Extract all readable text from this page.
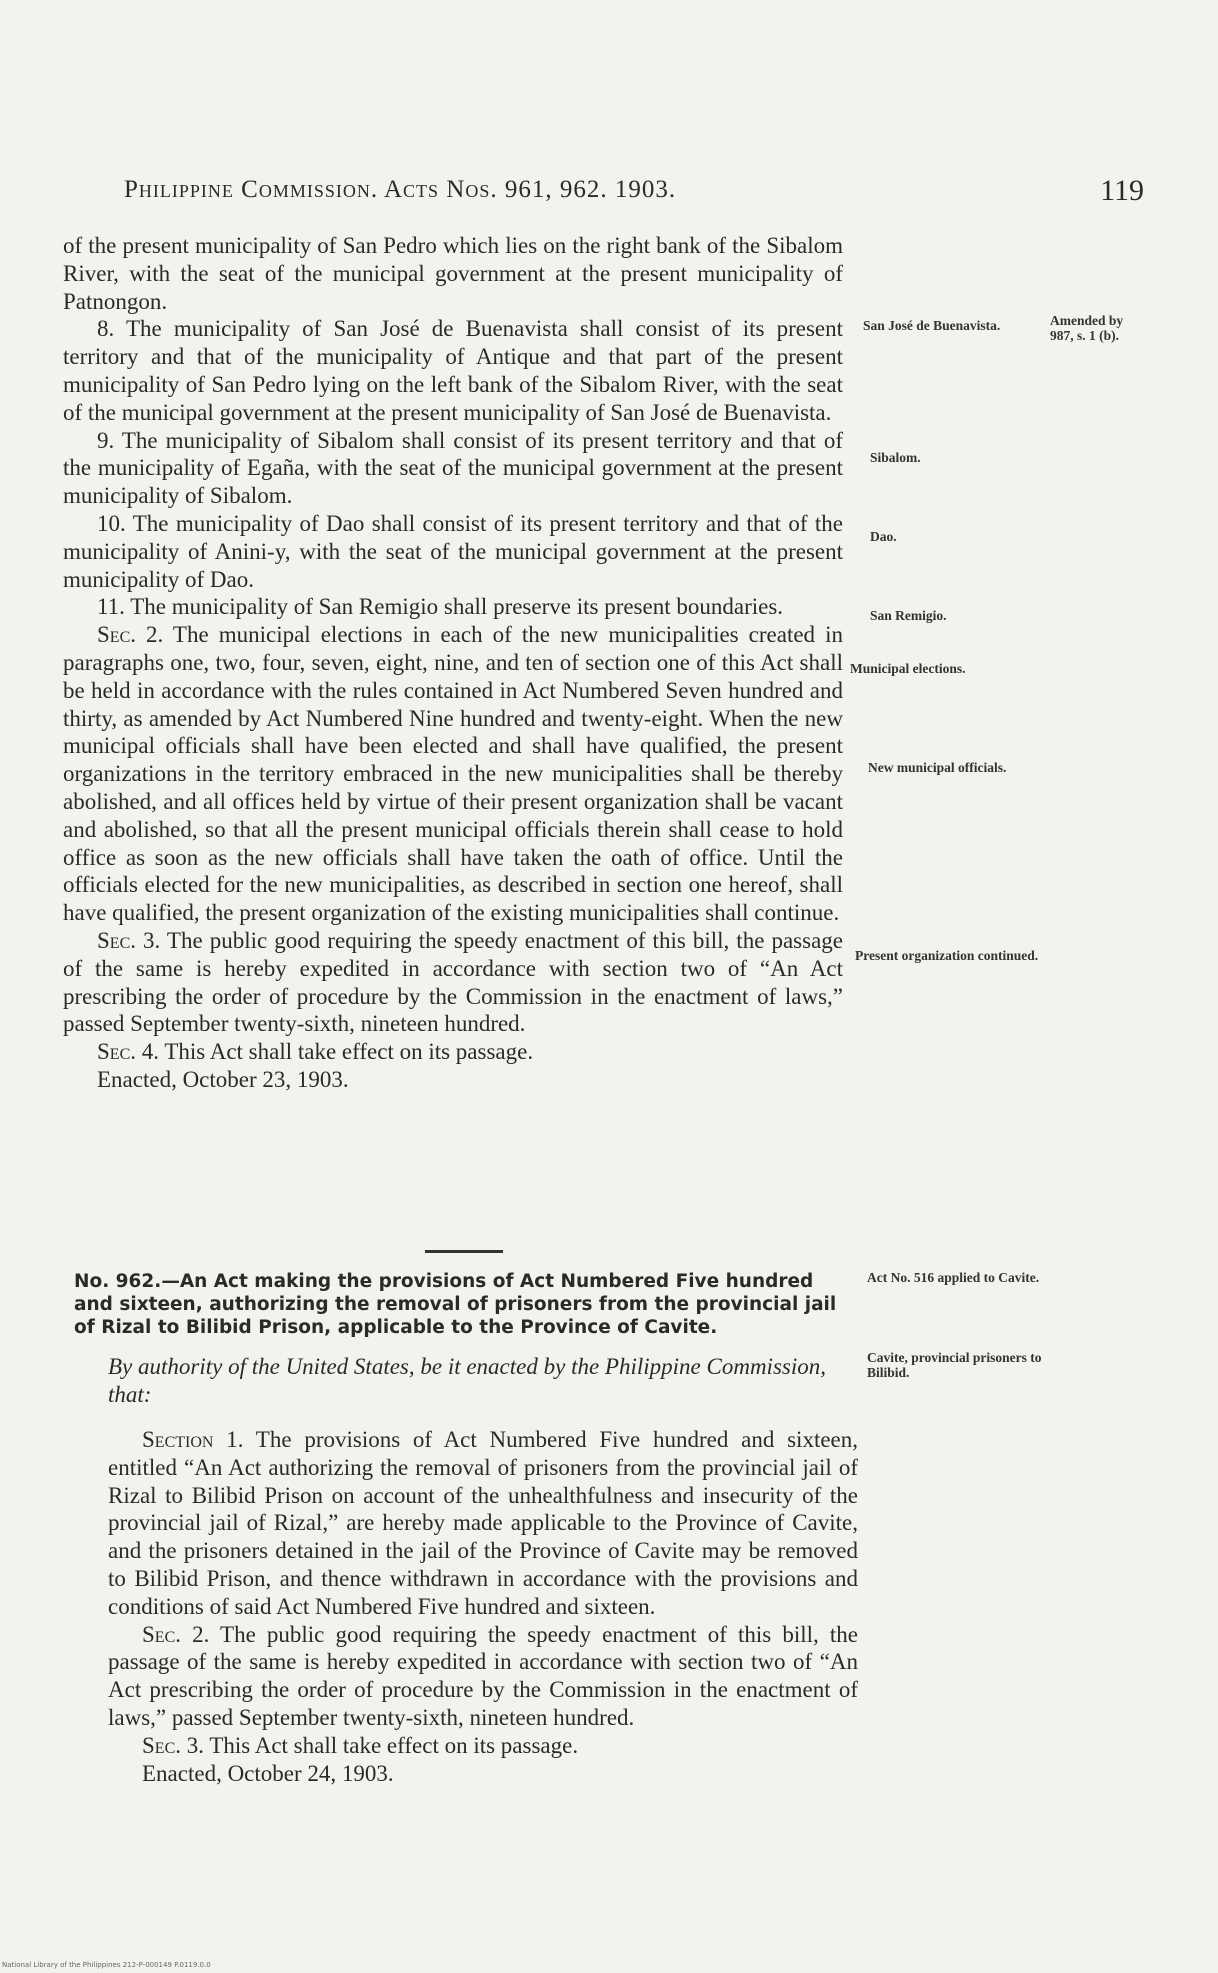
Philippine Commission. Acts Nos. 961, 962. 1903.	119

of the present municipality of San Pedro which lies on the right bank of the Sibalom River, with the seat of the municipal government at the present municipality of Patnongon.

8. The municipality of San José de Buenavista shall consist of its present territory and that of the municipality of Antique and that part of the present municipality of San Pedro lying on the left bank of the Sibalom River, with the seat of the municipal government at the present municipality of San José de Buenavista.

9. The municipality of Sibalom shall consist of its present territory and that of the municipality of Egaña, with the seat of the municipal government at the present municipality of Sibalom.

10. The municipality of Dao shall consist of its present territory and that of the municipality of Anini-y, with the seat of the municipal government at the present municipality of Dao.

11. The municipality of San Remigio shall preserve its present boundaries.

Sec. 2. The municipal elections in each of the new municipalities created in paragraphs one, two, four, seven, eight, nine, and ten of section one of this Act shall be held in accordance with the rules contained in Act Numbered Seven hundred and thirty, as amended by Act Numbered Nine hundred and twenty-eight. When the new municipal officials shall have been elected and shall have qualified, the present organizations in the territory embraced in the new municipalities shall be thereby abolished, and all offices held by virtue of their present organization shall be vacant and abolished, so that all the present municipal officials therein shall cease to hold office as soon as the new officials shall have taken the oath of office. Until the officials elected for the new municipalities, as described in section one hereof, shall have qualified, the present organization of the existing municipalities shall continue.

Sec. 3. The public good requiring the speedy enactment of this bill, the passage of the same is hereby expedited in accordance with section two of “An Act prescribing the order of procedure by the Commission in the enactment of laws,” passed September twenty-sixth, nineteen hundred.

Sec. 4. This Act shall take effect on its passage.

Enacted, October 23, 1903.

San José de Buenavista.	Amended by 987, s. 1 (b).
Sibalom.
Dao.
San Remigio.
Municipal elections.
New municipal officials.
Present organization continued.
No. 962.—An Act making the provisions of Act Numbered Five hundred and sixteen, authorizing the removal of prisoners from the provincial jail of Rizal to Bilibid Prison, applicable to the Province of Cavite.
Act No. 516 applied to Cavite.
Cavite, provincial prisoners to Bilibid.
By authority of the United States, be it enacted by the Philippine Commission, that:

Section 1. The provisions of Act Numbered Five hundred and sixteen, entitled “An Act authorizing the removal of prisoners from the provincial jail of Rizal to Bilibid Prison on account of the unhealthfulness and insecurity of the provincial jail of Rizal,” are hereby made applicable to the Province of Cavite, and the prisoners detained in the jail of the Province of Cavite may be removed to Bilibid Prison, and thence withdrawn in accordance with the provisions and conditions of said Act Numbered Five hundred and sixteen.

Sec. 2. The public good requiring the speedy enactment of this bill, the passage of the same is hereby expedited in accordance with section two of “An Act prescribing the order of procedure by the Commission in the enactment of laws,” passed September twenty-sixth, nineteen hundred.

Sec. 3. This Act shall take effect on its passage.

Enacted, October 24, 1903.

National Library of the Philippines 212-P-000149 P.0119.0.0
